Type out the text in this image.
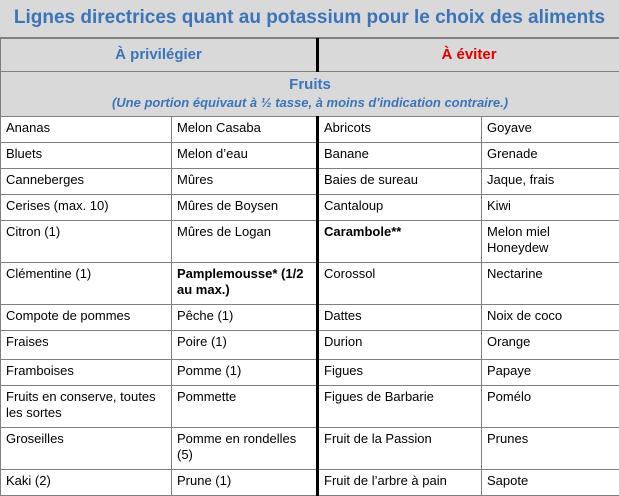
Lignes directrices quant au potassium pour le choix des aliments
À privilégier		À éviter	

Fruits
(Une portion équivaut à ½ tasse, à moins d'indication contraire.)			

Ananas	Melon Casaba	Abricots	Goyave
Bluets	Melon d’eau	Banane	Grenade
Canneberges	Mûres	Baies de sureau	Jaque, frais
Cerises (max. 10)	Mûres de Boysen	Cantaloup	Kiwi
Citron (1)	Mûres de Logan	Carambole**	Melon miel Honeydew
Clémentine (1)	Pamplemousse* (1/2 au max.)	Corossol	Nectarine
Compote de pommes	Pêche (1)	Dattes	Noix de coco
Fraises	Poire (1)	Durion	Orange
Framboises	Pomme (1)	Figues	Papaye
Fruits en conserve, toutes les sortes	Pommette	Figues de Barbarie	Pomélo
Groseilles	Pomme en rondelles (5)	Fruit de la Passion	Prunes
Kaki (2)	Prune (1)	Fruit de l’arbre à pain	Sapote
